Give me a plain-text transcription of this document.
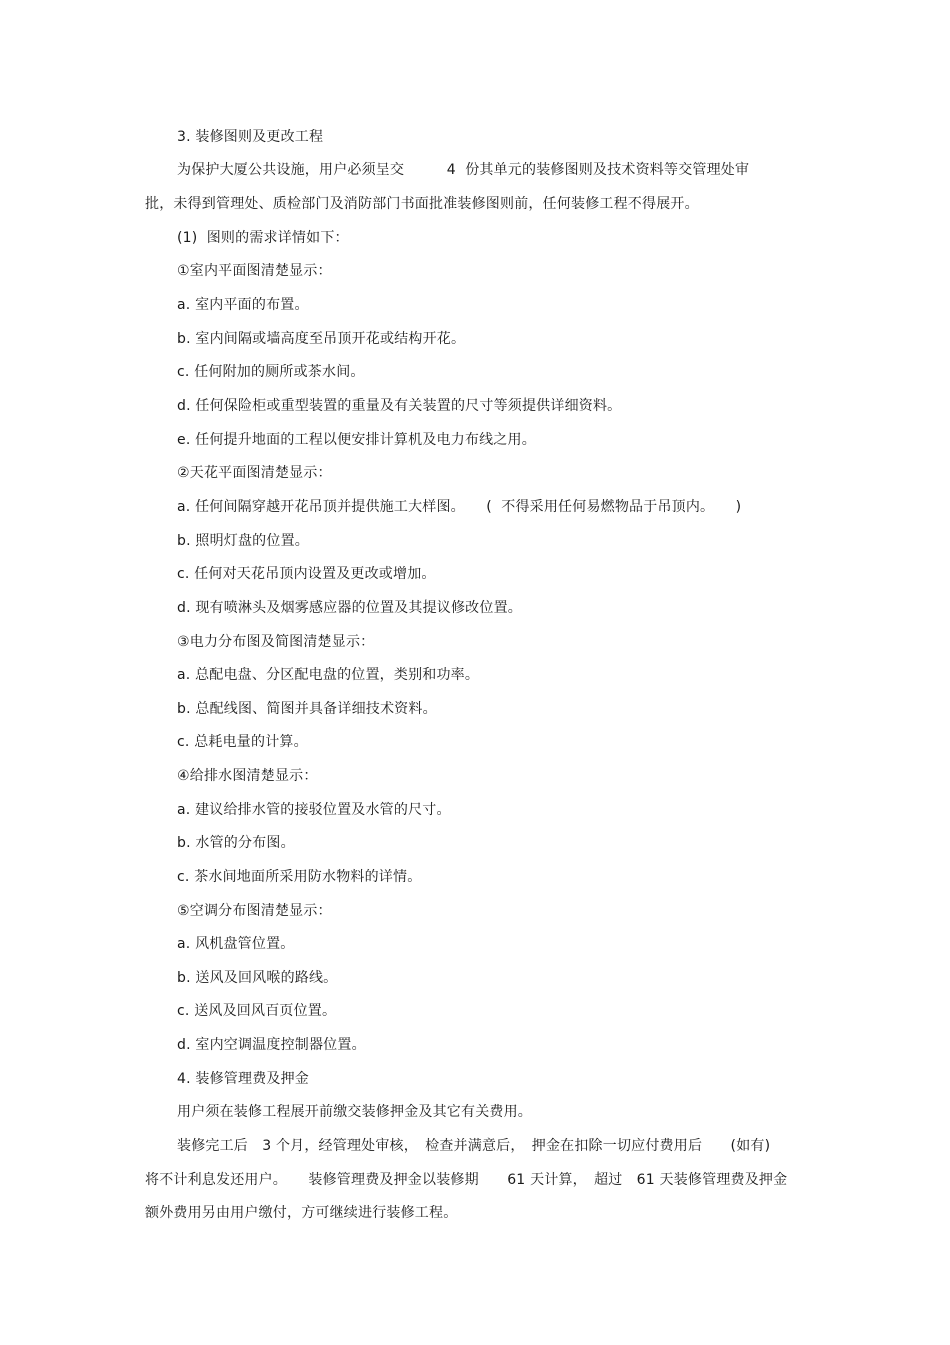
3. 装修图则及更改工程
为保护大厦公共设施，用户必须呈交　　　4  份其单元的装修图则及技术资料等交管理处审
批，未得到管理处、质检部门及消防部门书面批准装修图则前，任何装修工程不得展开。
(1)  图则的需求详情如下：
①室内平面图清楚显示：
a. 室内平面的布置。
b. 室内间隔或墙高度至吊顶开花或结构开花。
c. 任何附加的厕所或茶水间。
d. 任何保险柜或重型装置的重量及有关装置的尺寸等须提供详细资料。
e. 任何提升地面的工程以便安排计算机及电力布线之用。
②天花平面图清楚显示：
a. 任何间隔穿越开花吊顶并提供施工大样图。　　(  不得采用任何易燃物品于吊顶内。　　)
b. 照明灯盘的位置。
c. 任何对天花吊顶内设置及更改或增加。
d. 现有喷淋头及烟雾感应器的位置及其提议修改位置。
③电力分布图及简图清楚显示：
a. 总配电盘、分区配电盘的位置，类别和功率。
b. 总配线图、简图并具备详细技术资料。
c. 总耗电量的计算。
④给排水图清楚显示：
a. 建议给排水管的接驳位置及水管的尺寸。
b. 水管的分布图。
c. 茶水间地面所采用防水物料的详情。
⑤空调分布图清楚显示：
a. 风机盘管位置。
b. 送风及回风喉的路线。
c. 送风及回风百页位置。
d. 室内空调温度控制器位置。
4. 装修管理费及押金
用户须在装修工程展开前缴交装修押金及其它有关费用。
装修完工后　3 个月，经管理处审核，　检查并满意后，　押金在扣除一切应付费用后　　(如有)
将不计利息发还用户。　　装修管理费及押金以装修期　　61 天计算，　超过　61 天装修管理费及押金
额外费用另由用户缴付，方可继续进行装修工程。
